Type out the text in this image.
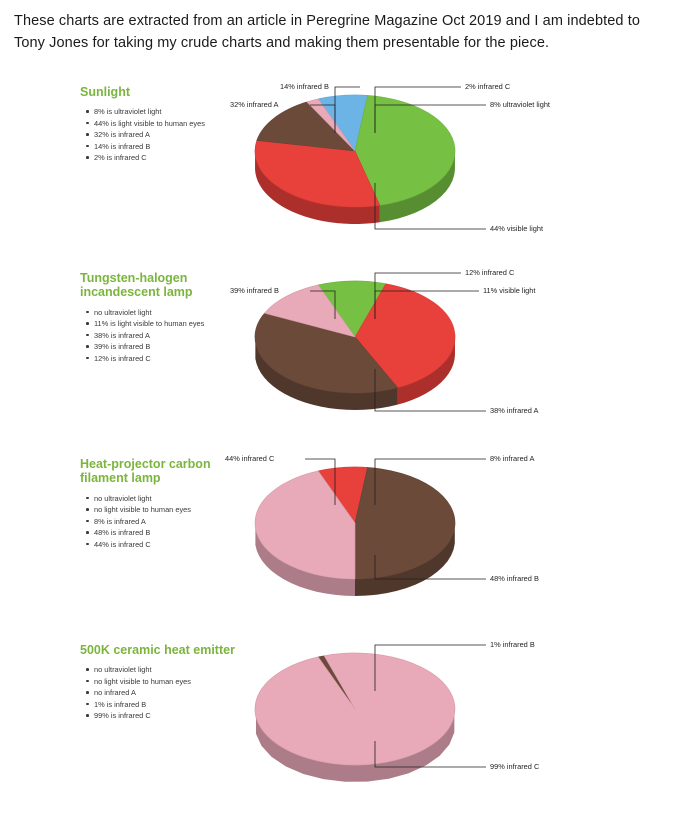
These charts are extracted from an article in Peregrine Magazine Oct 2019 and I am indebted to Tony Jones for taking my crude charts and making them presentable for the piece.
Sunlight
8% is ultraviolet light
44% is light visible to human eyes
32% is infrared A
14% is infrared B
2% is infrared C
14% infrared B	2% infrared C
32% infrared A	8% ultraviolet light
44% visible light
Tungsten-halogen incandescent lamp
no ultraviolet light
11% is light visible to human eyes
38% is infrared A
39% is infrared B
12% is infrared C
12% infrared C
39% infrared B	11% visible light
38% infrared A
Heat-projector carbon filament lamp
no ultraviolet light
no light visible to human eyes
8% is infrared A
48% is infrared B
44% is infrared C
44% infrared C	8% infrared A
48% infrared B
500K ceramic heat emitter
no ultraviolet light
no light visible to human eyes
no infrared A
1% is infrared B
99% is infrared C
1% infrared B
99% infrared C
